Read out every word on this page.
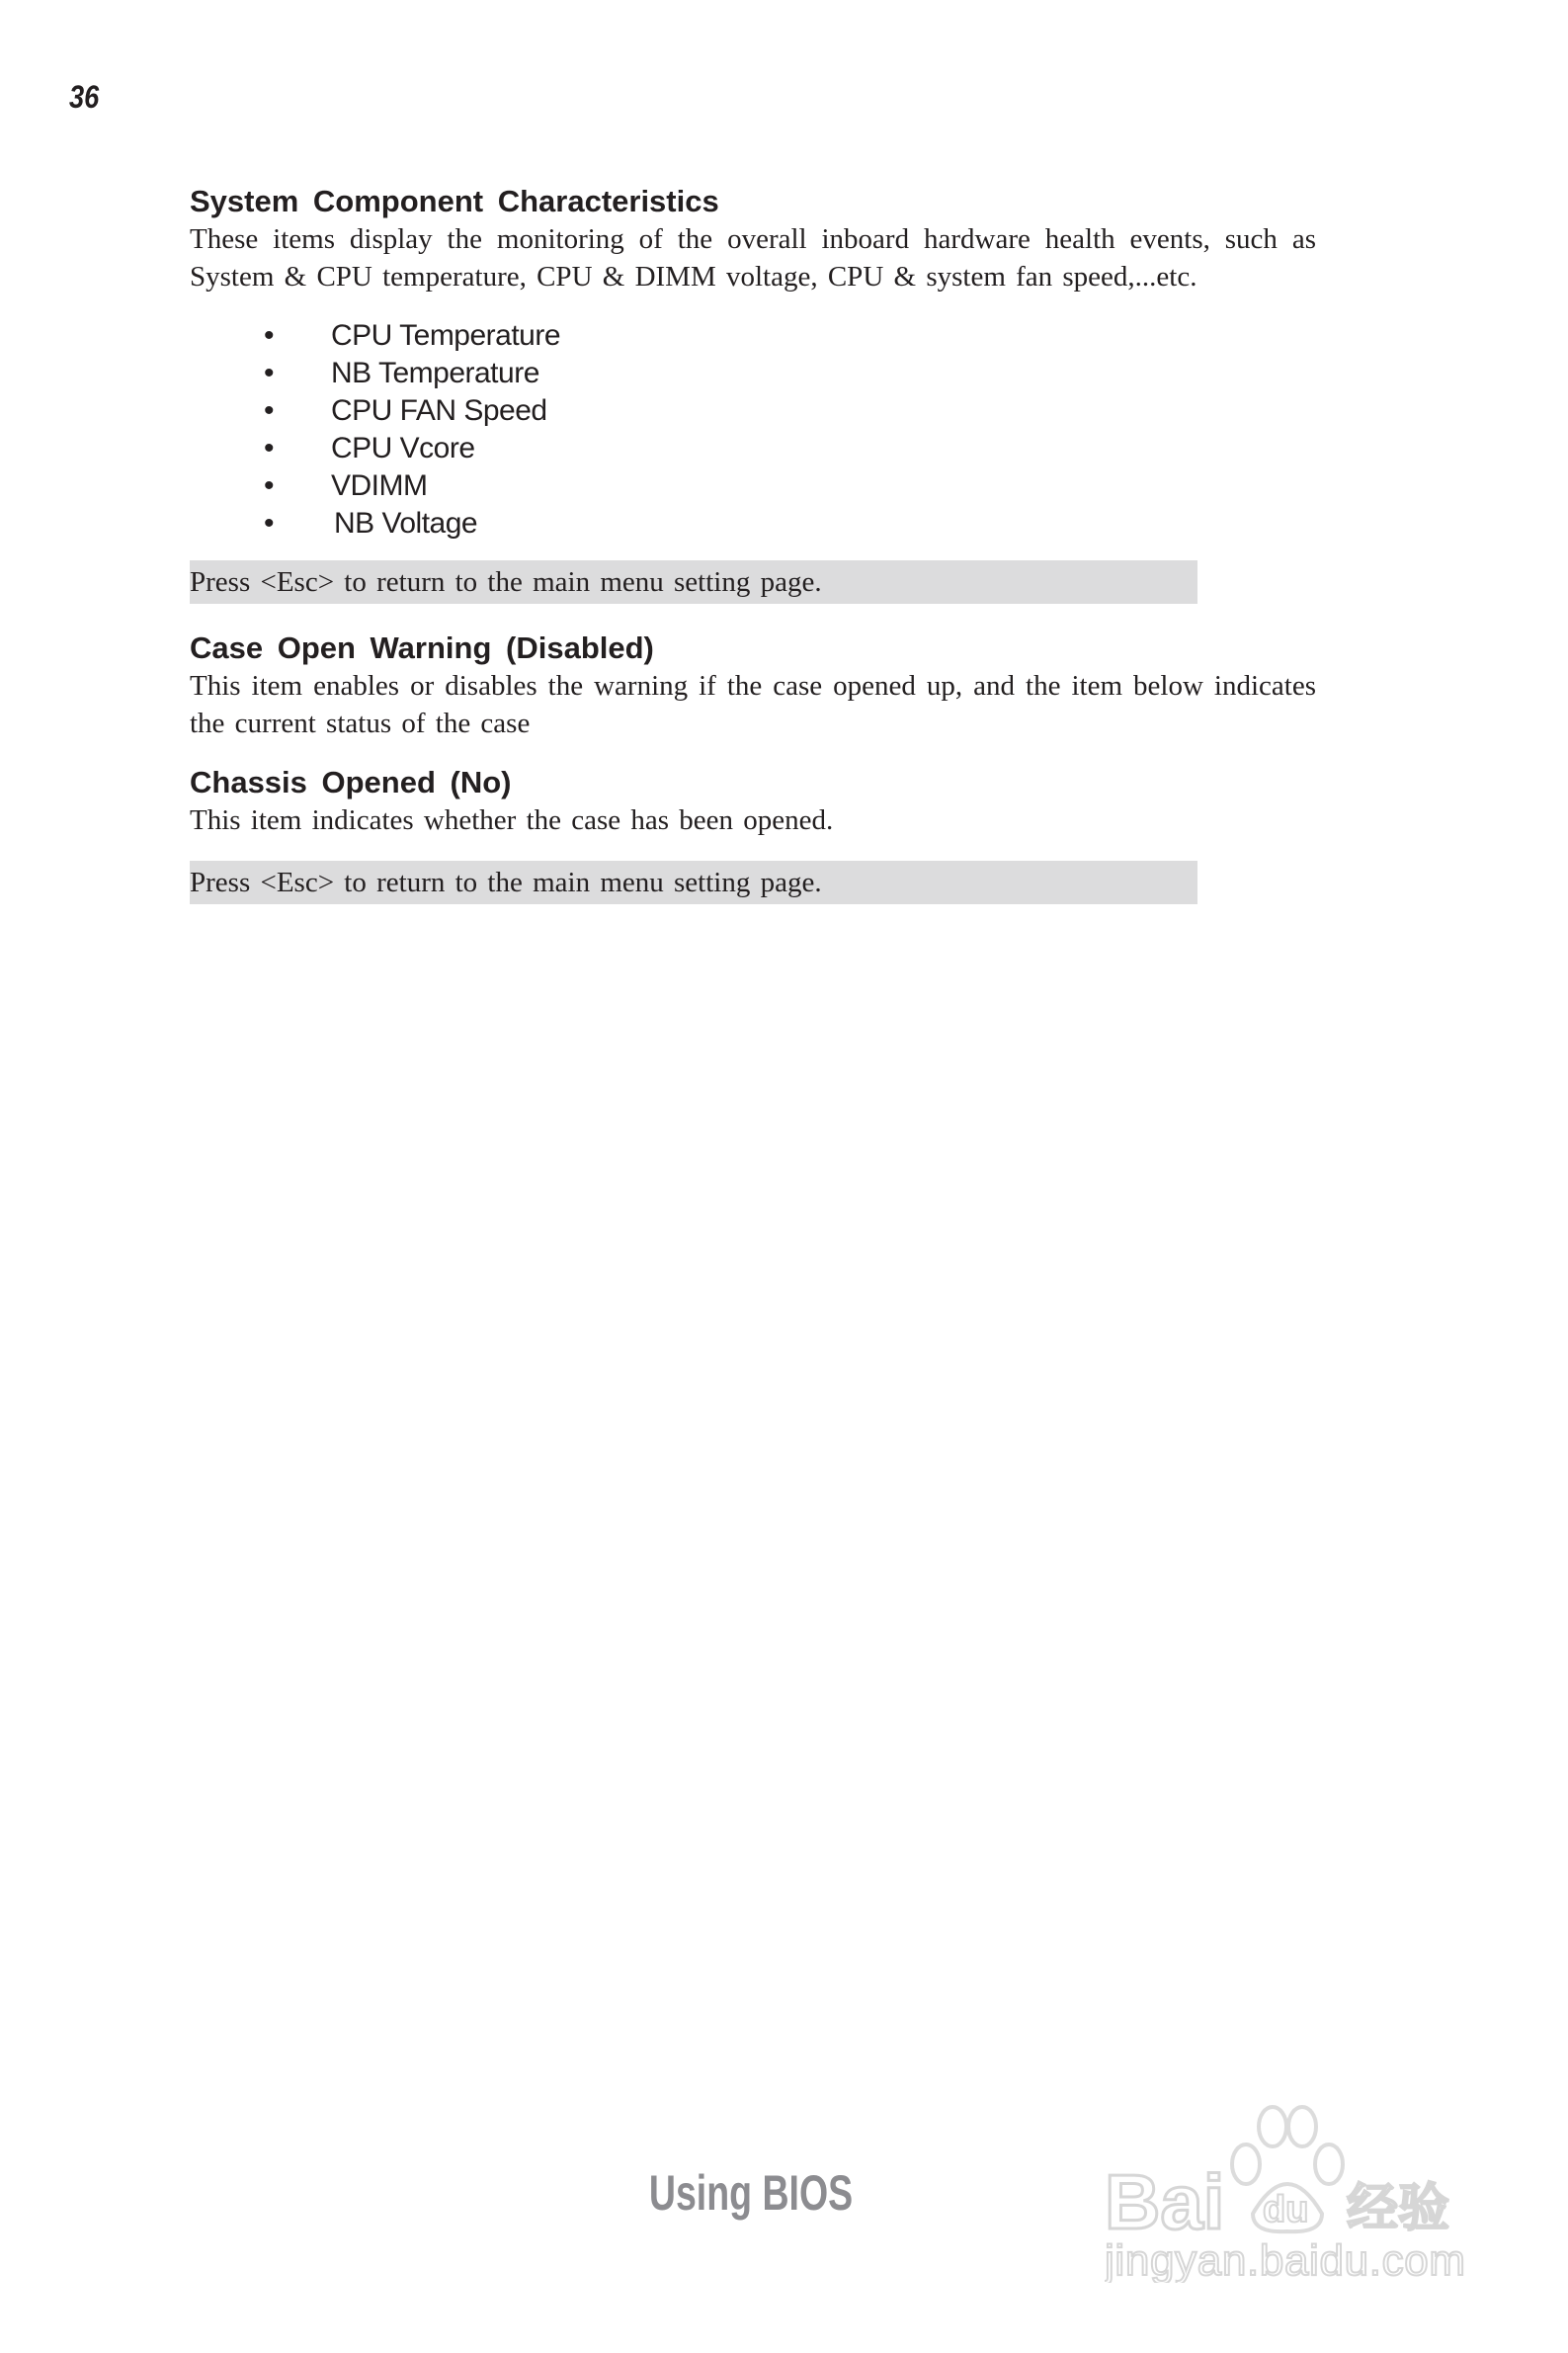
36
System Component Characteristics

These items display the monitoring of the overall inboard hardware health events, such as System & CPU temperature, CPU & DIMM voltage, CPU & system fan speed,...etc.

• CPU Temperature
• NB Temperature
• CPU FAN Speed
• CPU Vcore
• VDIMM
• NB Voltage
Press <Esc> to return to the main menu setting page.
Case Open Warning (Disabled)

This item enables or disables the warning if the case opened up, and the item below indicates the current status of the case

Chassis Opened (No)

This item indicates whether the case has been opened.

Press <Esc> to return to the main menu setting page.
Using BIOS	Bai du 经验
jingyan.baidu.com
